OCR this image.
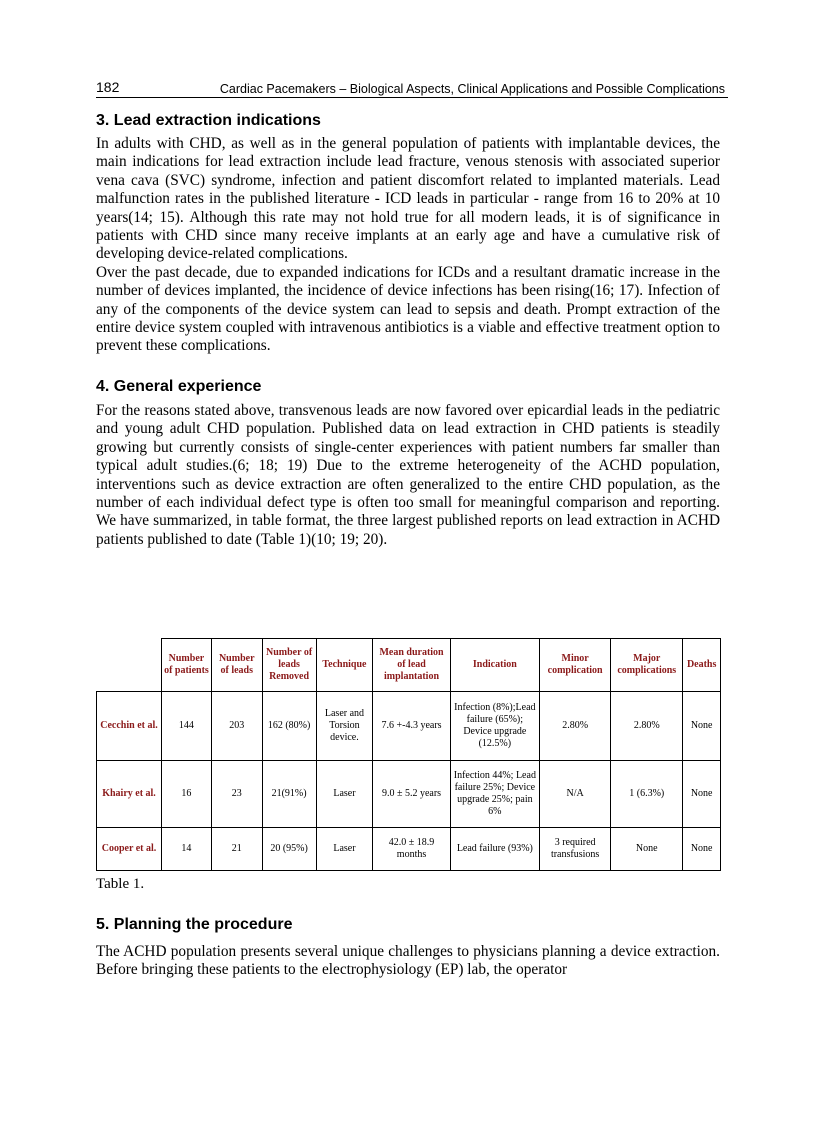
182	Cardiac Pacemakers – Biological Aspects, Clinical Applications and Possible Complications
3. Lead extraction indications

In adults with CHD, as well as in the general population of patients with implantable devices, the main indications for lead extraction include lead fracture, venous stenosis with associated superior vena cava (SVC) syndrome, infection and patient discomfort related to implanted materials. Lead malfunction rates in the published literature - ICD leads in particular - range from 16 to 20% at 10 years(14; 15). Although this rate may not hold true for all modern leads, it is of significance in patients with CHD since many receive implants at an early age and have a cumulative risk of developing device-related complications.

Over the past decade, due to expanded indications for ICDs and a resultant dramatic increase in the number of devices implanted, the incidence of device infections has been rising(16; 17). Infection of any of the components of the device system can lead to sepsis and death. Prompt extraction of the entire device system coupled with intravenous antibiotics is a viable and effective treatment option to prevent these complications.

4. General experience

For the reasons stated above, transvenous leads are now favored over epicardial leads in the pediatric and young adult CHD population. Published data on lead extraction in CHD patients is steadily growing but currently consists of single-center experiences with patient numbers far smaller than typical adult studies.(6; 18; 19) Due to the extreme heterogeneity of the ACHD population, interventions such as device extraction are often generalized to the entire CHD population, as the number of each individual defect type is often too small for meaningful comparison and reporting. We have summarized, in table format, the three largest published reports on lead extraction in ACHD patients published to date (Table 1)(10; 19; 20).

	Number of patients	Number of leads	Number of leads Removed	Technique	Mean duration of lead implantation	Indication	Minor complication	Major complications	Deaths
Cecchin et al.	144	203	162 (80%)	Laser and Torsion device.	7.6 +-4.3 years	Infection (8%);Lead failure (65%); Device upgrade (12.5%)	2.80%	2.80%	None
Khairy et al.	16	23	21(91%)	Laser	9.0 ± 5.2 years	Infection 44%; Lead failure 25%; Device upgrade 25%; pain 6%	N/A	1 (6.3%)	None
Cooper et al.	14	21	20 (95%)	Laser	42.0 ± 18.9 months	Lead failure (93%)	3 required transfusions	None	None
Table 1.
5. Planning the procedure

The ACHD population presents several unique challenges to physicians planning a device extraction. Before bringing these patients to the electrophysiology (EP) lab, the operator
